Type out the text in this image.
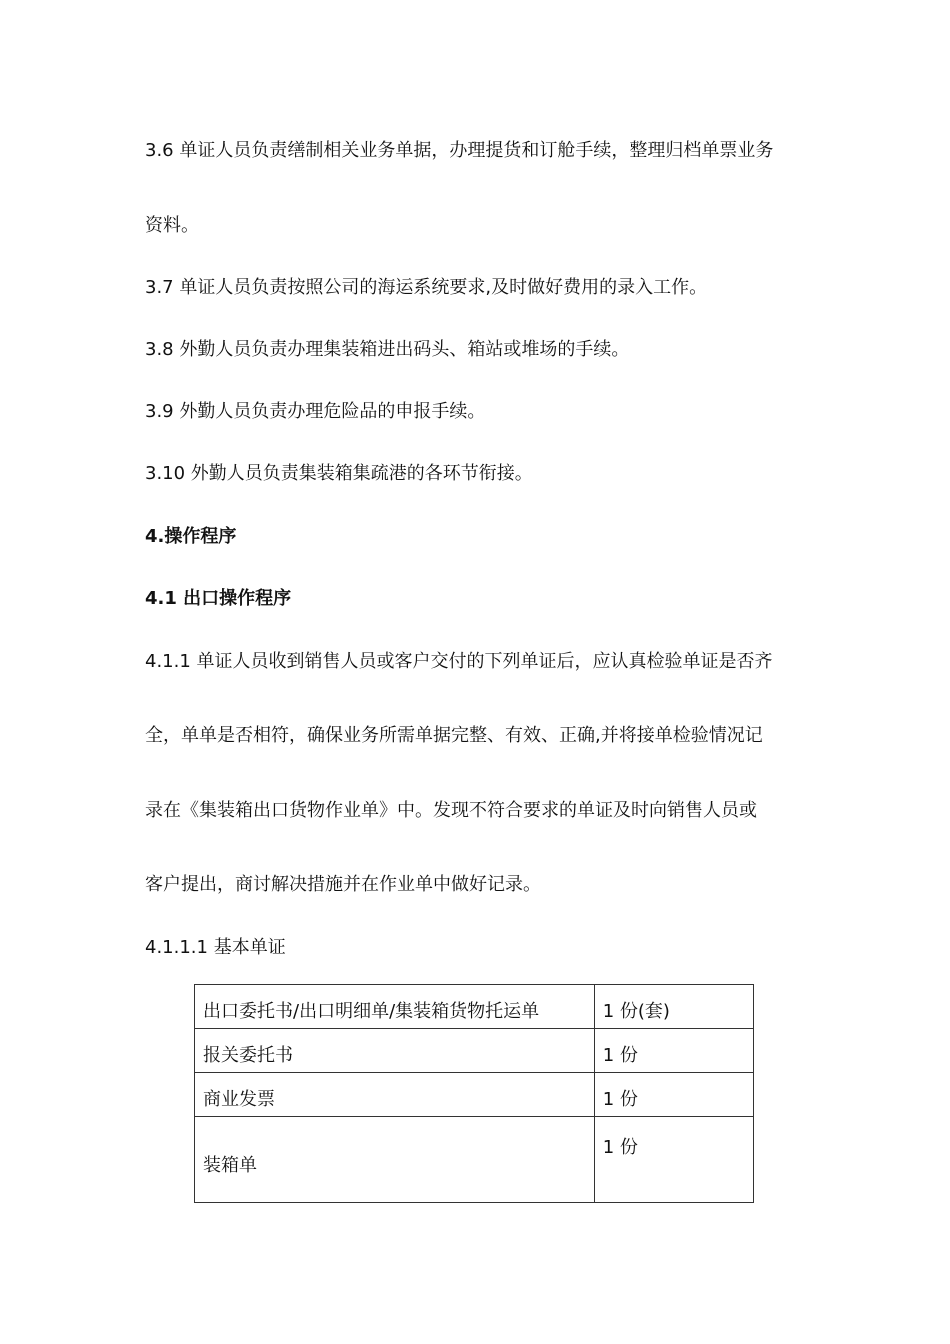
3.6 单证人员负责缮制相关业务单据，办理提货和订舱手续，整理归档单票业务
资料。
3.7 单证人员负责按照公司的海运系统要求,及时做好费用的录入工作。
3.8 外勤人员负责办理集装箱进出码头、箱站或堆场的手续。
3.9 外勤人员负责办理危险品的申报手续。
3.10 外勤人员负责集装箱集疏港的各环节衔接。
4.操作程序
4.1 出口操作程序
4.1.1 单证人员收到销售人员或客户交付的下列单证后，应认真检验单证是否齐
全，单单是否相符，确保业务所需单据完整、有效、正确,并将接单检验情况记
录在《集装箱出口货物作业单》中。发现不符合要求的单证及时向销售人员或
客户提出，商讨解决措施并在作业单中做好记录。
4.1.1.1 基本单证
出口委托书/出口明细单/集装箱货物托运单	1 份(套)
报关委托书	1 份
商业发票	1 份
装箱单	1 份
